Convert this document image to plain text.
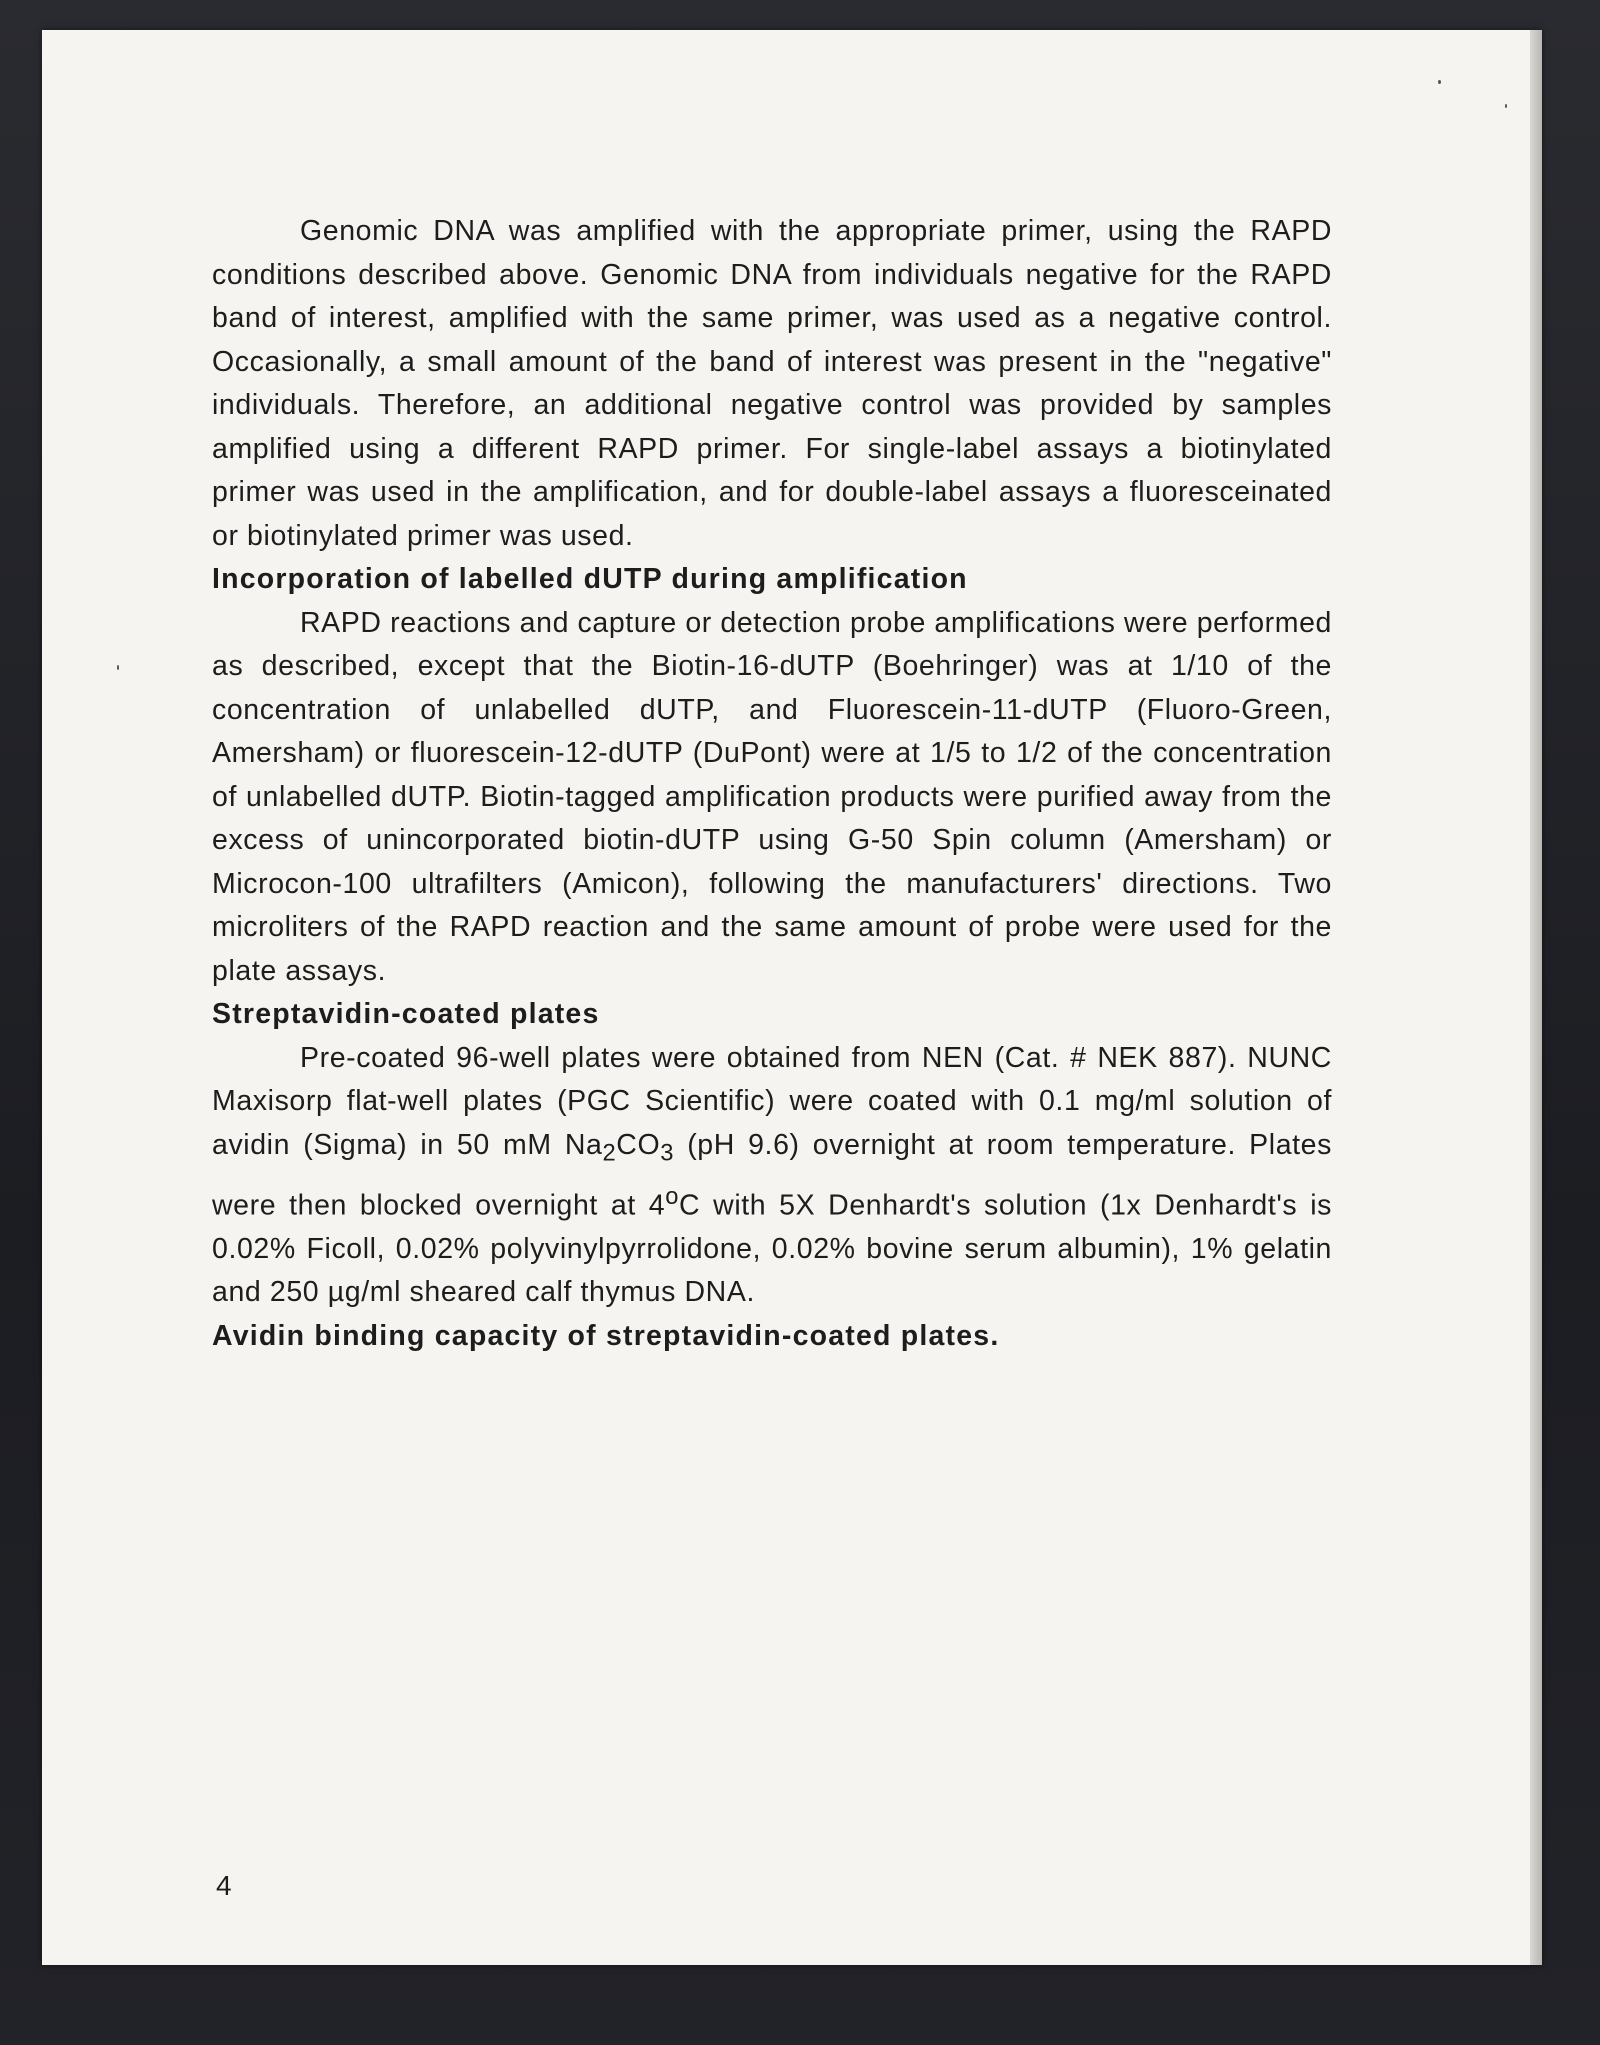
Genomic DNA was amplified with the appropriate primer, using the RAPD conditions described above. Genomic DNA from individuals negative for the RAPD band of interest, amplified with the same primer, was used as a negative control. Occasionally, a small amount of the band of interest was present in the "negative" individuals. Therefore, an additional negative control was provided by samples amplified using a different RAPD primer. For single-label assays a biotinylated primer was used in the amplification, and for double-label assays a fluoresceinated or biotinylated primer was used.

Incorporation of labelled dUTP during amplification

RAPD reactions and capture or detection probe amplifications were performed as described, except that the Biotin-16-dUTP (Boehringer) was at 1/10 of the concentration of unlabelled dUTP, and Fluorescein-11-dUTP (Fluoro-Green, Amersham) or fluorescein-12-dUTP (DuPont) were at 1/5 to 1/2 of the concentration of unlabelled dUTP. Biotin-tagged amplification products were purified away from the excess of unincorporated biotin-dUTP using G-50 Spin column (Amersham) or Microcon-100 ultrafilters (Amicon), following the manufacturers' directions. Two microliters of the RAPD reaction and the same amount of probe were used for the plate assays.

Streptavidin-coated plates

Pre-coated 96-well plates were obtained from NEN (Cat. # NEK 887). NUNC Maxisorp flat-well plates (PGC Scientific) were coated with 0.1 mg/ml solution of avidin (Sigma) in 50 mM $Na_2CO_3$ (pH 9.6) overnight at room temperature. Plates were then blocked overnight at 4$^o$C with 5X Denhardt's solution (1x Denhardt's is 0.02% Ficoll, 0.02% polyvinylpyrrolidone, 0.02% bovine serum albumin), 1% gelatin and 250 µg/ml sheared calf thymus DNA.

Avidin binding capacity of streptavidin-coated plates.

4
